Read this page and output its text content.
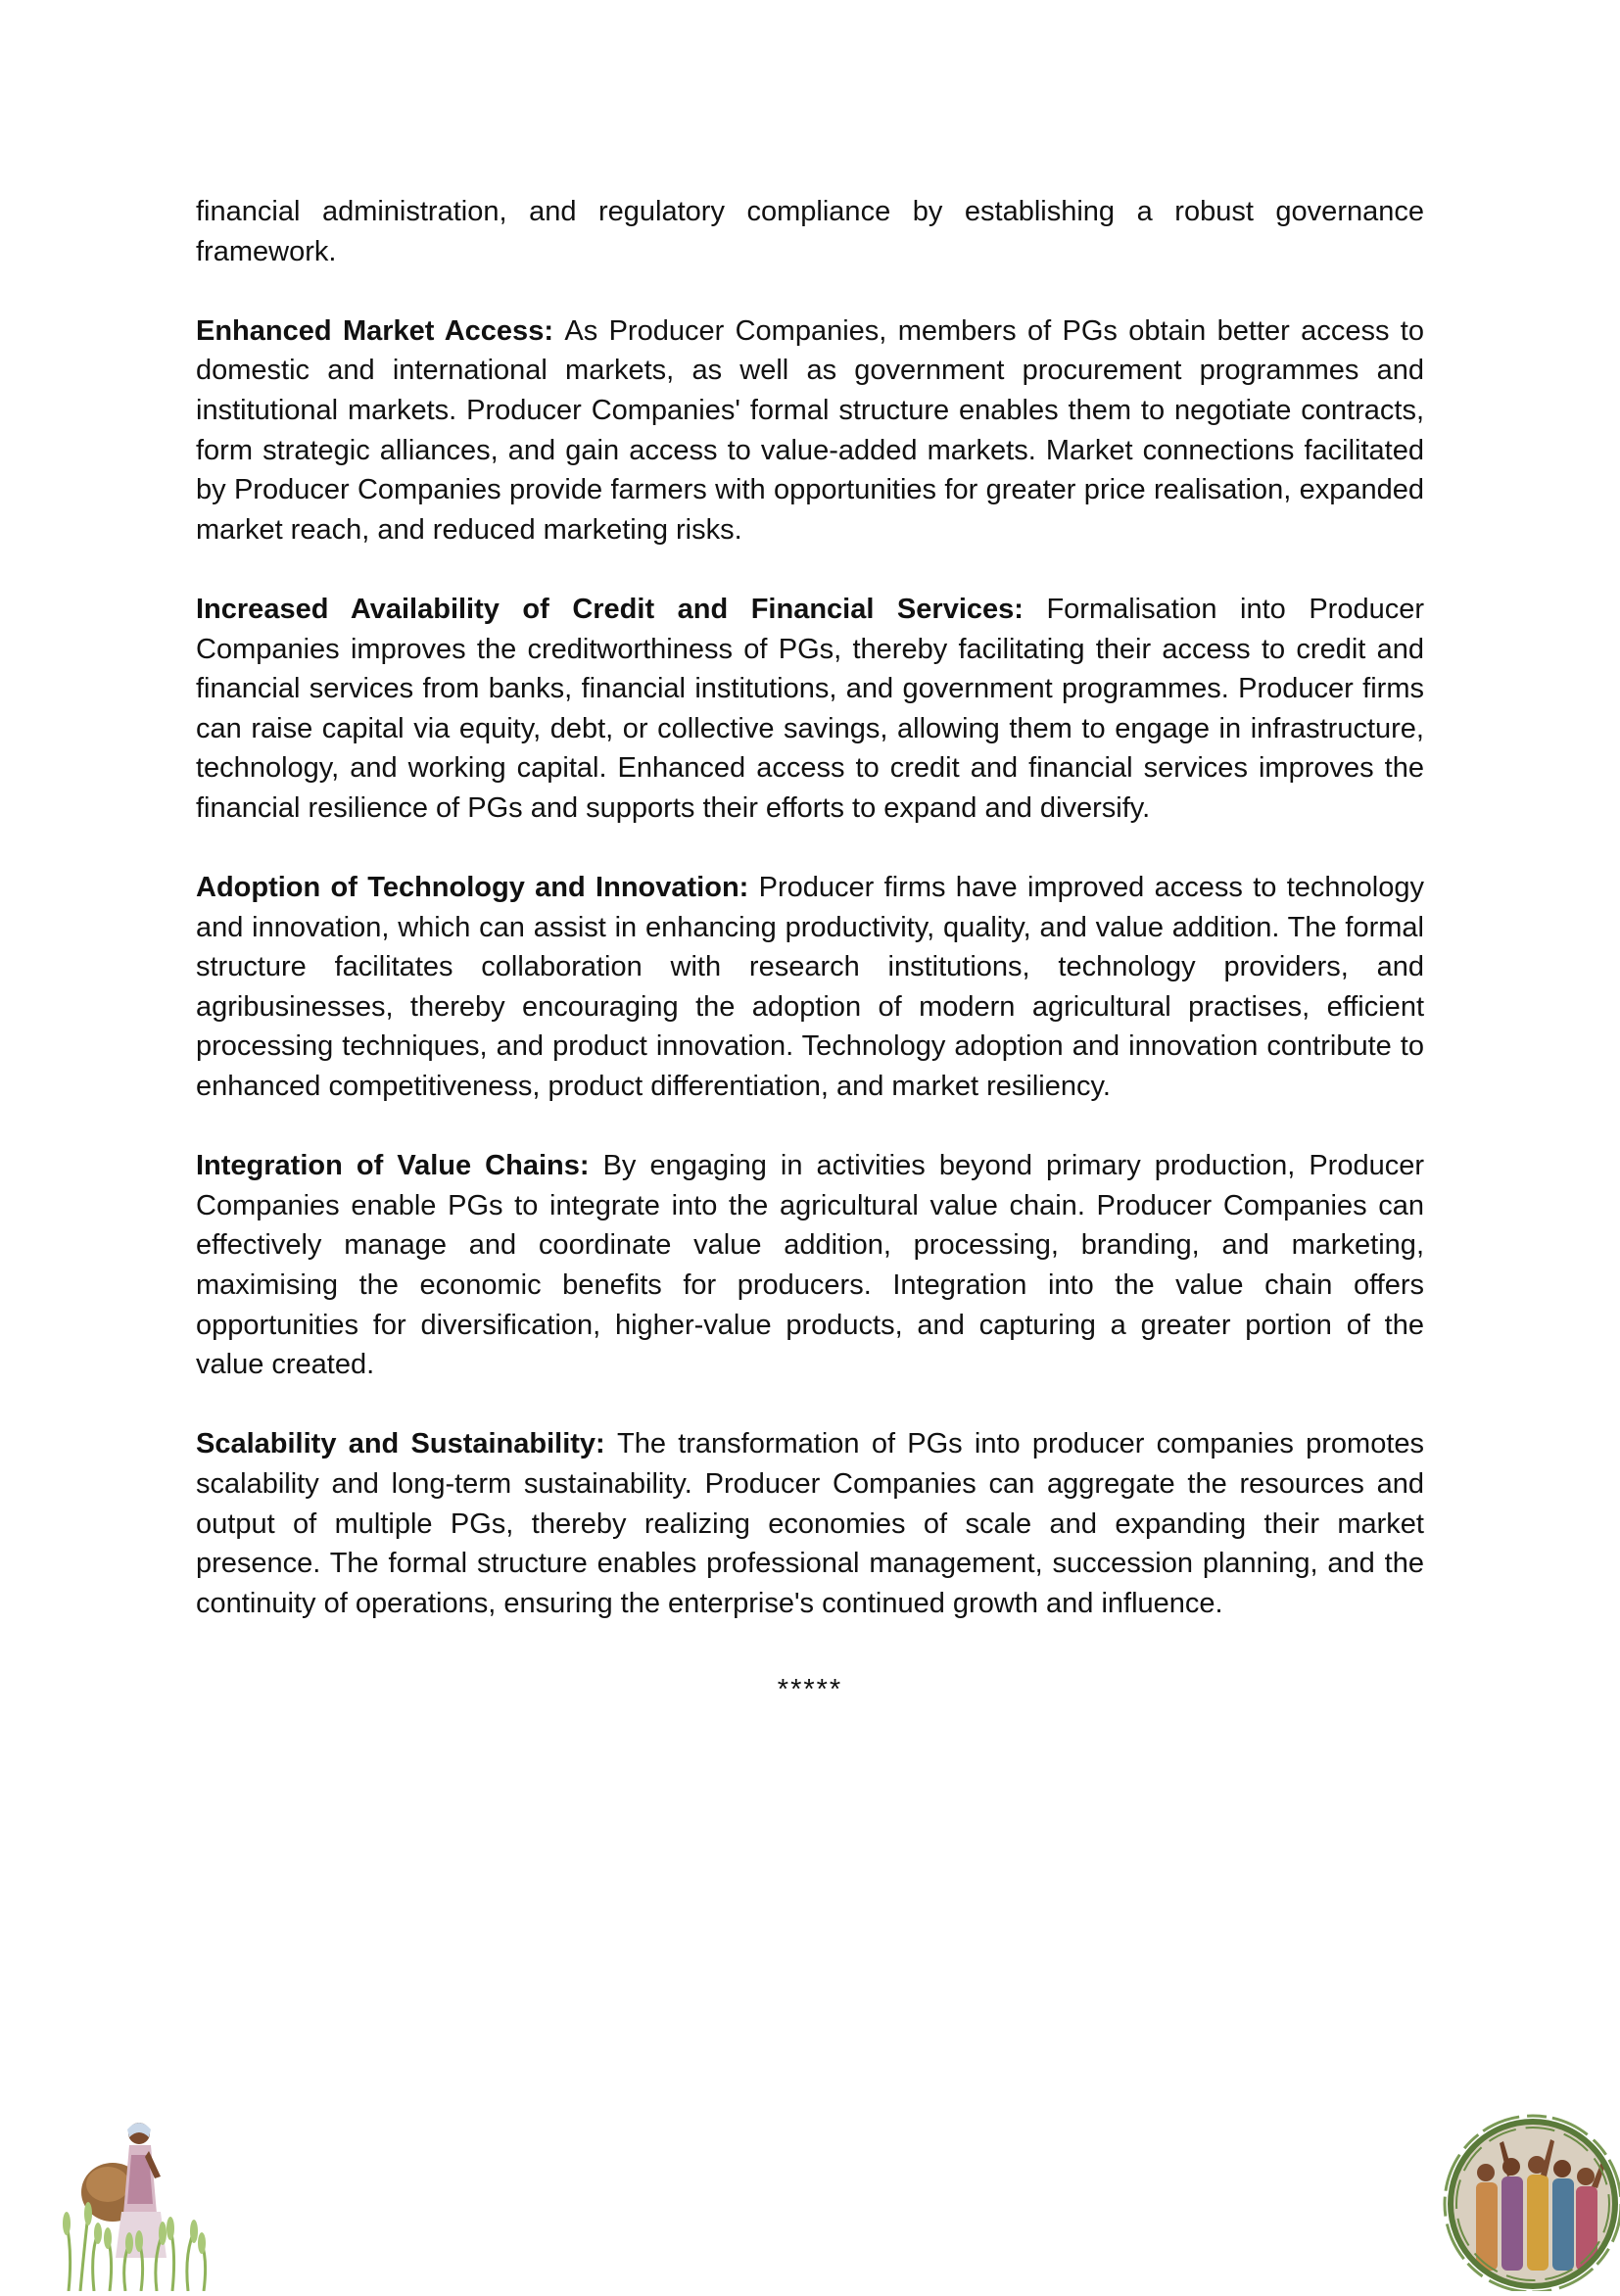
financial administration, and regulatory compliance by establishing a robust governance framework.

Enhanced Market Access: As Producer Companies, members of PGs obtain better access to domestic and international markets, as well as government procurement programmes and institutional markets. Producer Companies' formal structure enables them to negotiate contracts, form strategic alliances, and gain access to value-added markets. Market connections facilitated by Producer Companies provide farmers with opportunities for greater price realisation, expanded market reach, and reduced marketing risks.

Increased Availability of Credit and Financial Services: Formalisation into Producer Companies improves the creditworthiness of PGs, thereby facilitating their access to credit and financial services from banks, financial institutions, and government programmes. Producer firms can raise capital via equity, debt, or collective savings, allowing them to engage in infrastructure, technology, and working capital. Enhanced access to credit and financial services improves the financial resilience of PGs and supports their efforts to expand and diversify.

Adoption of Technology and Innovation: Producer firms have improved access to technology and innovation, which can assist in enhancing productivity, quality, and value addition. The formal structure facilitates collaboration with research institutions, technology providers, and agribusinesses, thereby encouraging the adoption of modern agricultural practises, efficient processing techniques, and product innovation. Technology adoption and innovation contribute to enhanced competitiveness, product differentiation, and market resiliency.

Integration of Value Chains: By engaging in activities beyond primary production, Producer Companies enable PGs to integrate into the agricultural value chain. Producer Companies can effectively manage and coordinate value addition, processing, branding, and marketing, maximising the economic benefits for producers. Integration into the value chain offers opportunities for diversification, higher-value products, and capturing a greater portion of the value created.

Scalability and Sustainability: The transformation of PGs into producer companies promotes scalability and long-term sustainability. Producer Companies can aggregate the resources and output of multiple PGs, thereby realizing economies of scale and expanding their market presence. The formal structure enables professional management, succession planning, and the continuity of operations, ensuring the enterprise's continued growth and influence.

*****
